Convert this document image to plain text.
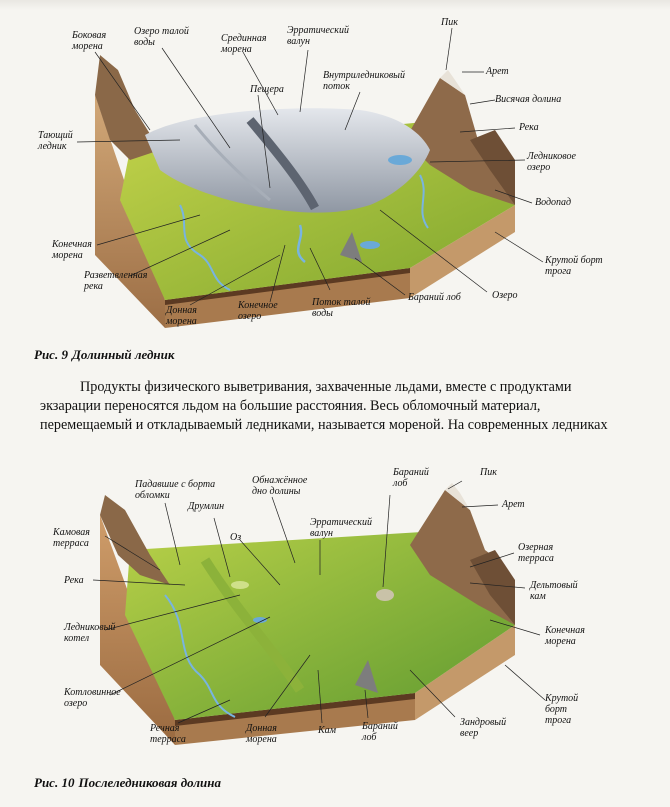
Боковая
морена
Озеро талой
воды	Срединная
морена
Эрратический
валун
Пик
Арет
Пещера
Внутриледниковый
поток
Висячая долина
Река
Тающий
ледник
Ледниковое
озеро
Водопад
Конечная
морена	Крутой борт
трога
Разветвленная
река
Донная
морена
Конечное
озеро
Поток талой
воды
Бараний лоб	Озеро
Рис. 9 Долинный ледник

Продукты физического выветривания, захваченные льдами, вместе с продуктами
экзарации переносятся льдом на большие расстояния. Весь обломочный материал,
перемещаемый и откладываемый ледниками, называется мореной. На современных ледниках

Падавшие с борта
обломки
Обнажённое
дно долины
Бараний
лоб
Пик
Друмлин	Арет
Камовая
терраса
Оз
Эрратический
валун
Озерная
терраса
Река	Дельтовый
кам
Ледниковый
котел
Конечная
морена
Котловинное
озеро	Крутой
борт
трога
Речная
терраса
Донная
морена
Кам	Бараний
лоб
Зандровый
веер
Рис. 10 Послеледниковая долина
